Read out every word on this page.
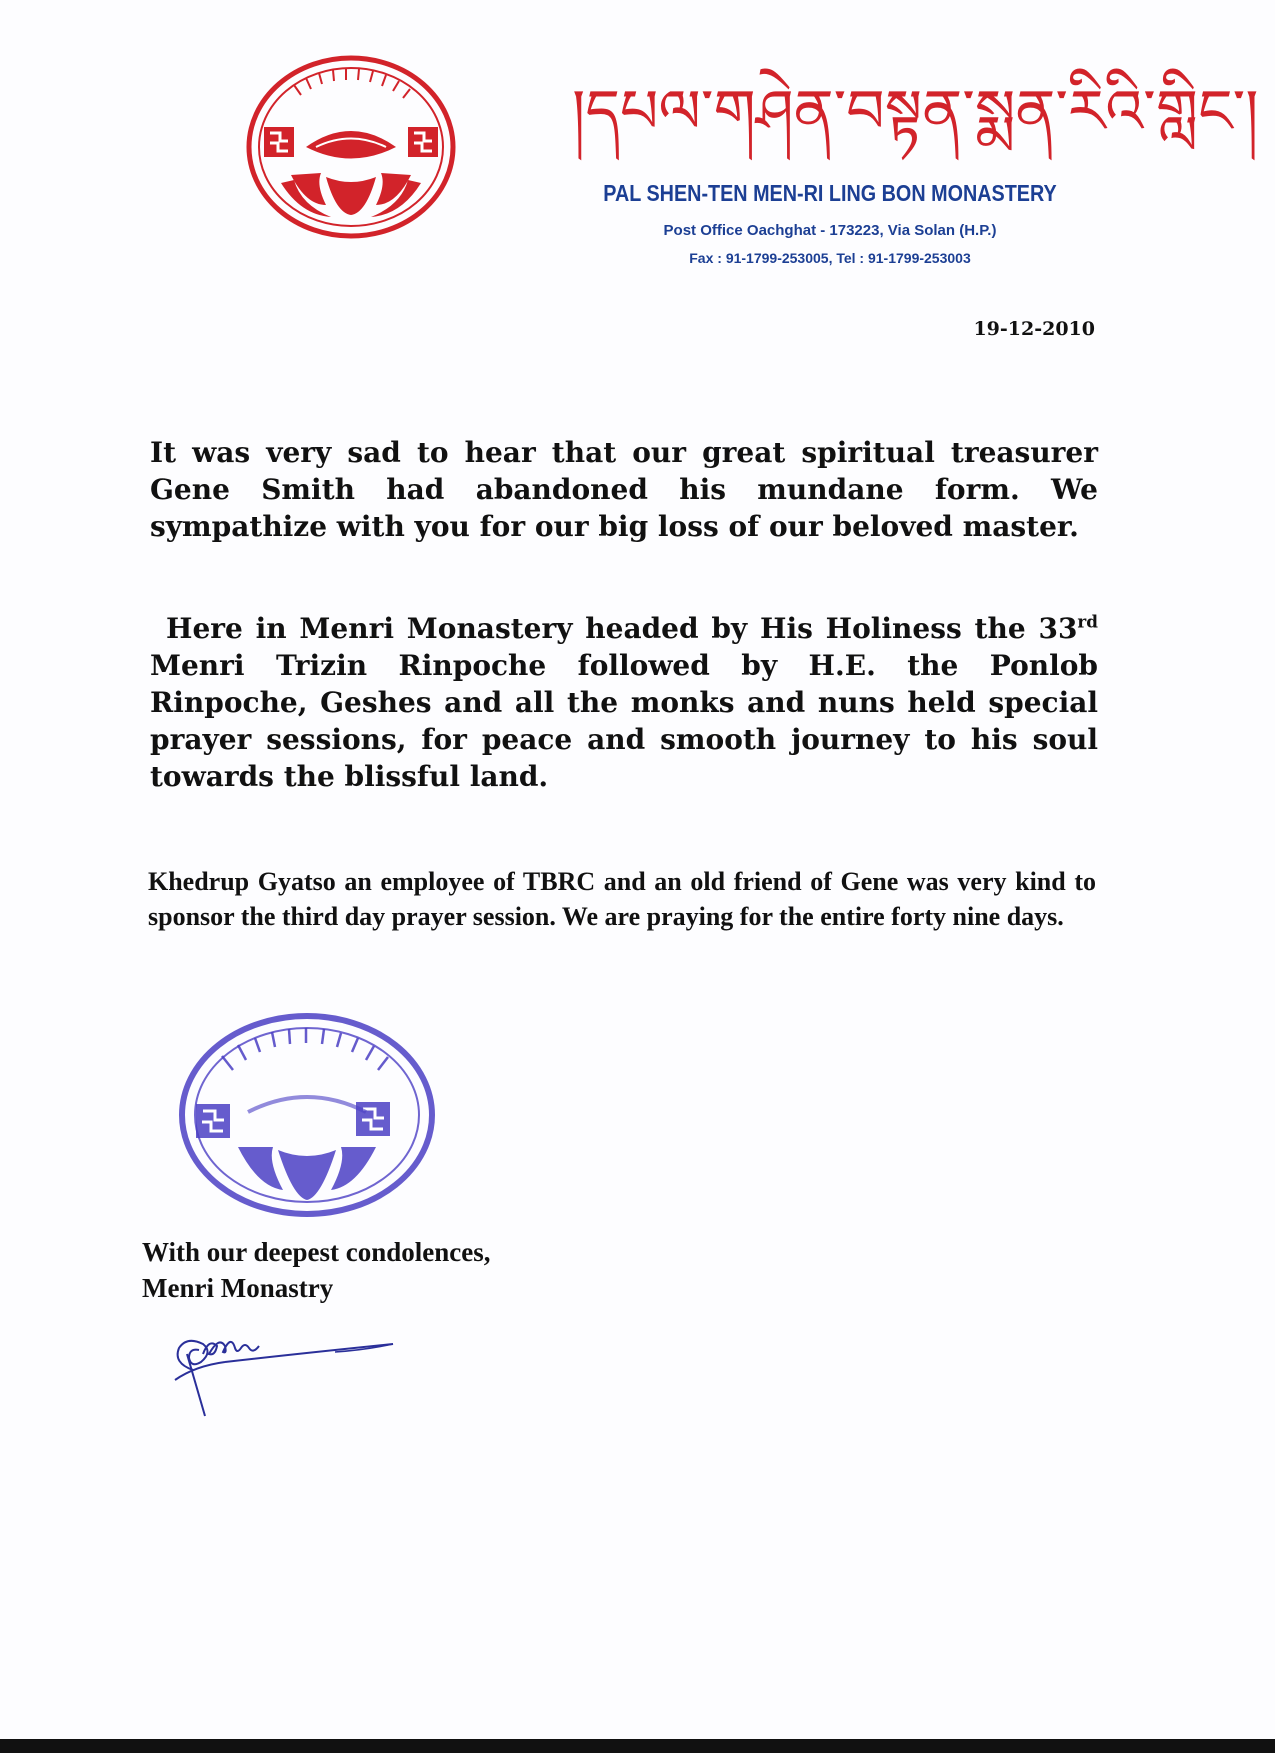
།དཔལ་གཤེན་བསྟན་སྨན་རིའི་གླིང་།
PAL SHEN-TEN MEN-RI LING BON MONASTERY
Post Office Oachghat - 173223, Via Solan (H.P.)
Fax : 91-1799-253005, Tel : 91-1799-253003
19-12-2010

It was very sad to hear that our great spiritual treasurer Gene Smith had abandoned his mundane form. We sympathize with you for our big loss of our beloved master.

Here in Menri Monastery headed by His Holiness the 33rd Menri Trizin Rinpoche followed by H.E. the Ponlob Rinpoche, Geshes and all the monks and nuns held special prayer sessions, for peace and smooth journey to his soul towards the blissful land.

Khedrup Gyatso an employee of TBRC and an old friend of Gene was very kind to sponsor the third day prayer session. We are praying for the entire forty nine days.

With our deepest condolences,
Menri Monastry
